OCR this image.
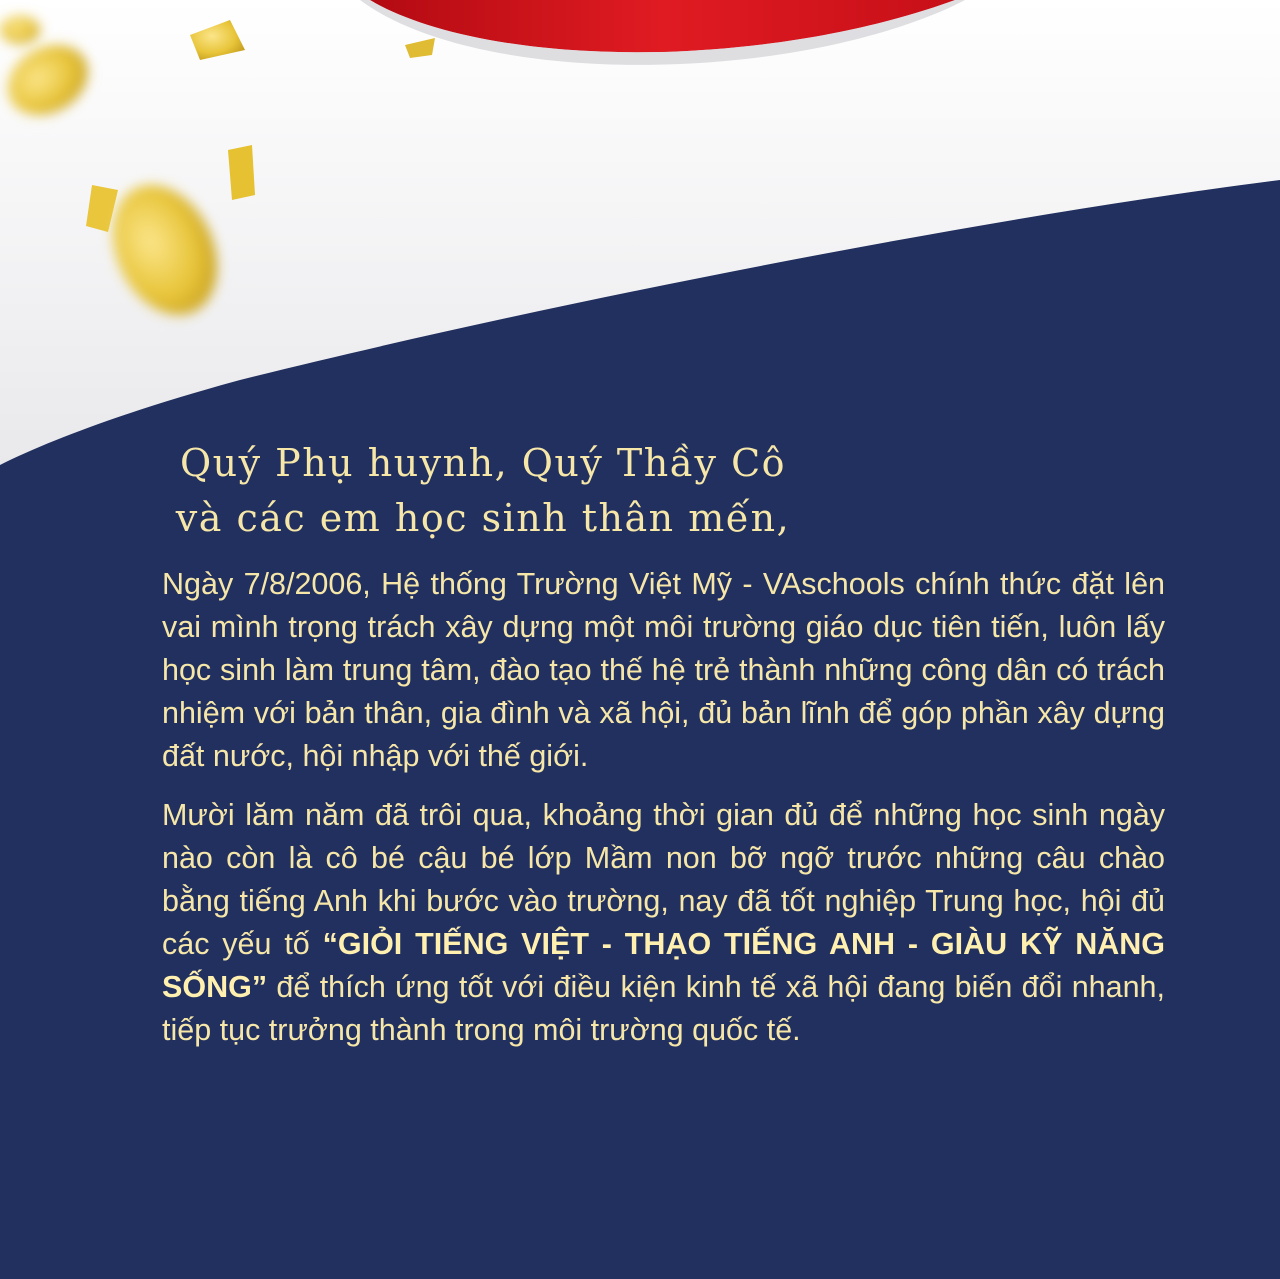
Quý Phụ huynh, Quý Thầy Cô
và các em học sinh thân mến,

Ngày 7/8/2006, Hệ thống Trường Việt Mỹ - VAschools chính thức đặt lên vai mình trọng trách xây dựng một môi trường giáo dục tiên tiến, luôn lấy học sinh làm trung tâm, đào tạo thế hệ trẻ thành những công dân có trách nhiệm với bản thân, gia đình và xã hội, đủ bản lĩnh để góp phần xây dựng đất nước, hội nhập với thế giới.

Mười lăm năm đã trôi qua, khoảng thời gian đủ để những học sinh ngày nào còn là cô bé cậu bé lớp Mầm non bỡ ngỡ trước những câu chào bằng tiếng Anh khi bước vào trường, nay đã tốt nghiệp Trung học, hội đủ các yếu tố “GIỎI TIẾNG VIỆT - THẠO TIẾNG ANH - GIÀU KỸ NĂNG SỐNG” để thích ứng tốt với điều kiện kinh tế xã hội đang biến đổi nhanh, tiếp tục trưởng thành trong môi trường quốc tế.
